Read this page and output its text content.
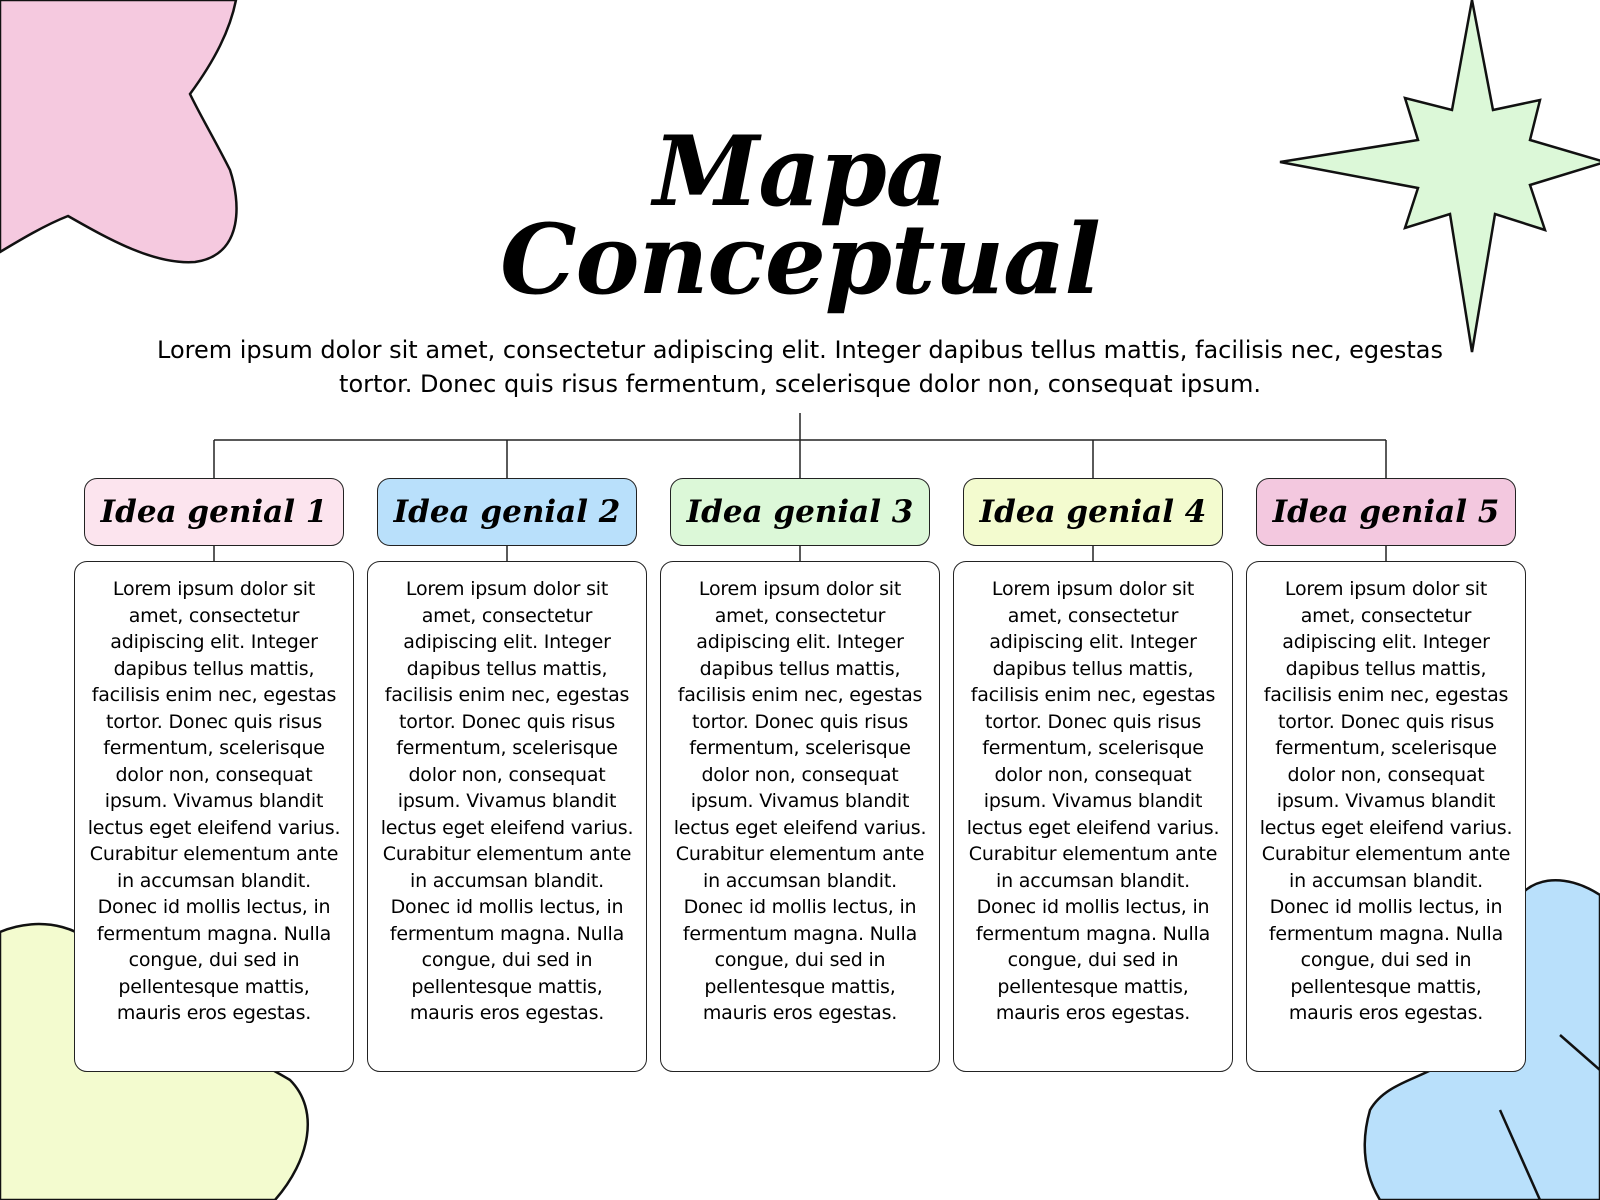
Mapa
Conceptual
Lorem ipsum dolor sit amet, consectetur adipiscing elit. Integer dapibus tellus mattis, facilisis nec, egestas tortor. Donec quis risus fermentum, scelerisque dolor non, consequat ipsum.
Idea genial 1	Idea genial 2	Idea genial 3	Idea genial 4	Idea genial 5
Lorem ipsum dolor sit amet, consectetur adipiscing elit. Integer dapibus tellus mattis, facilisis enim nec, egestas tortor. Donec quis risus fermentum, scelerisque dolor non, consequat ipsum. Vivamus blandit lectus eget eleifend varius. Curabitur elementum ante in accumsan blandit. Donec id mollis lectus, in fermentum magna. Nulla congue, dui sed in pellentesque mattis, mauris eros egestas.
Lorem ipsum dolor sit amet, consectetur adipiscing elit. Integer dapibus tellus mattis, facilisis enim nec, egestas tortor. Donec quis risus fermentum, scelerisque dolor non, consequat ipsum. Vivamus blandit lectus eget eleifend varius. Curabitur elementum ante in accumsan blandit. Donec id mollis lectus, in fermentum magna. Nulla congue, dui sed in pellentesque mattis, mauris eros egestas.
Lorem ipsum dolor sit amet, consectetur adipiscing elit. Integer dapibus tellus mattis, facilisis enim nec, egestas tortor. Donec quis risus fermentum, scelerisque dolor non, consequat ipsum. Vivamus blandit lectus eget eleifend varius. Curabitur elementum ante in accumsan blandit. Donec id mollis lectus, in fermentum magna. Nulla congue, dui sed in pellentesque mattis, mauris eros egestas.
Lorem ipsum dolor sit amet, consectetur adipiscing elit. Integer dapibus tellus mattis, facilisis enim nec, egestas tortor. Donec quis risus fermentum, scelerisque dolor non, consequat ipsum. Vivamus blandit lectus eget eleifend varius. Curabitur elementum ante in accumsan blandit. Donec id mollis lectus, in fermentum magna. Nulla congue, dui sed in pellentesque mattis, mauris eros egestas.
Lorem ipsum dolor sit amet, consectetur adipiscing elit. Integer dapibus tellus mattis, facilisis enim nec, egestas tortor. Donec quis risus fermentum, scelerisque dolor non, consequat ipsum. Vivamus blandit lectus eget eleifend varius. Curabitur elementum ante in accumsan blandit. Donec id mollis lectus, in fermentum magna. Nulla congue, dui sed in pellentesque mattis, mauris eros egestas.
